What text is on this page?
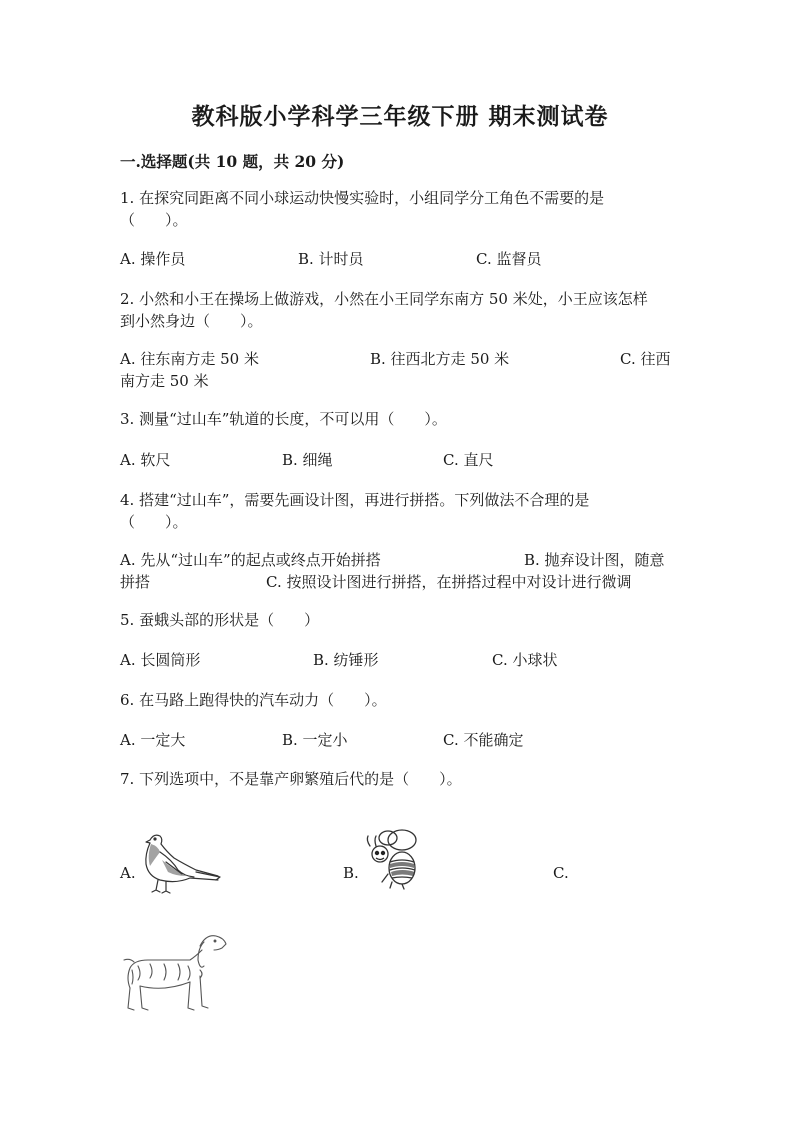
教科版小学科学三年级下册 期末测试卷
一.选择题(共 10 题，共 20 分)
1. 在探究同距离不同小球运动快慢实验时，小组同学分工角色不需要的是
（　　）。
A. 操作员	B. 计时员	C. 监督员
2. 小然和小王在操场上做游戏，小然在小王同学东南方 50 米处，小王应该怎样
到小然身边（　　）。
A. 往东南方走 50 米	B. 往西北方走 50 米	C. 往西
南方走 50 米
3. 测量“过山车”轨道的长度，不可以用（　　）。
A. 软尺	B. 细绳	C. 直尺
4. 搭建“过山车”，需要先画设计图，再进行拼搭。下列做法不合理的是
（　　）。
A. 先从“过山车”的起点或终点开始拼搭	B. 抛弃设计图，随意
拼搭	C. 按照设计图进行拼搭，在拼搭过程中对设计进行微调
5. 蚕蛾头部的形状是（　　）
A. 长圆筒形	B. 纺锤形	C. 小球状
6. 在马路上跑得快的汽车动力（　　）。
A. 一定大	B. 一定小	C. 不能确定
7. 下列选项中，不是靠产卵繁殖后代的是（　　）。
A.	B.	C.
